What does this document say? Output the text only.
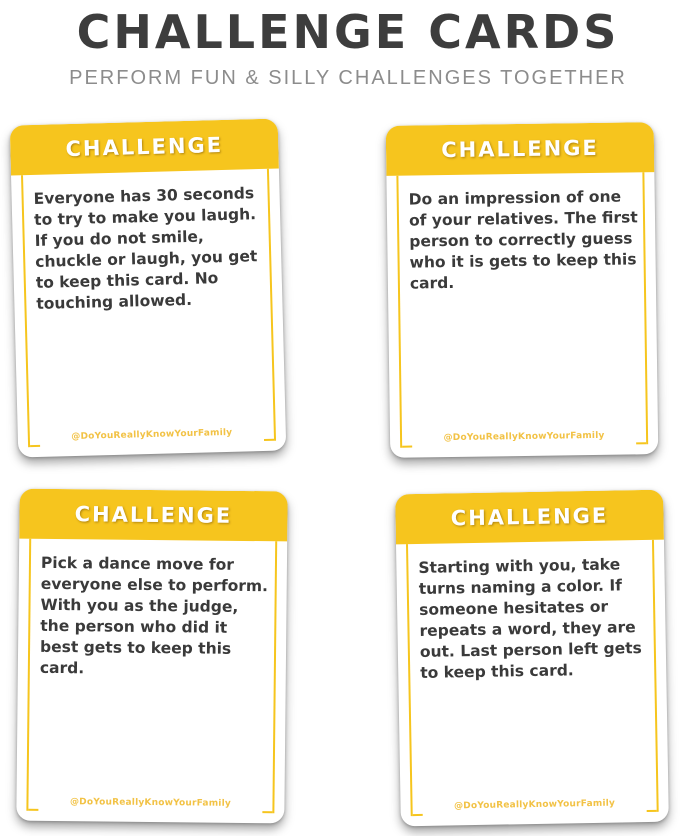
CHALLENGE CARDS
PERFORM FUN & SILLY CHALLENGES TOGETHER
CHALLENGE
Everyone has 30 seconds to try to make you laugh. If you do not smile, chuckle or laugh, you get to keep this card. No touching allowed.
@DoYouReallyKnowYourFamily
CHALLENGE
Do an impression of one of your relatives. The first person to correctly guess who it is gets to keep this card.
@DoYouReallyKnowYourFamily
CHALLENGE
Pick a dance move for everyone else to perform. With you as the judge, the person who did it best gets to keep this card.
@DoYouReallyKnowYourFamily
CHALLENGE
Starting with you, take turns naming a color. If someone hesitates or repeats a word, they are out. Last person left gets to keep this card.
@DoYouReallyKnowYourFamily
